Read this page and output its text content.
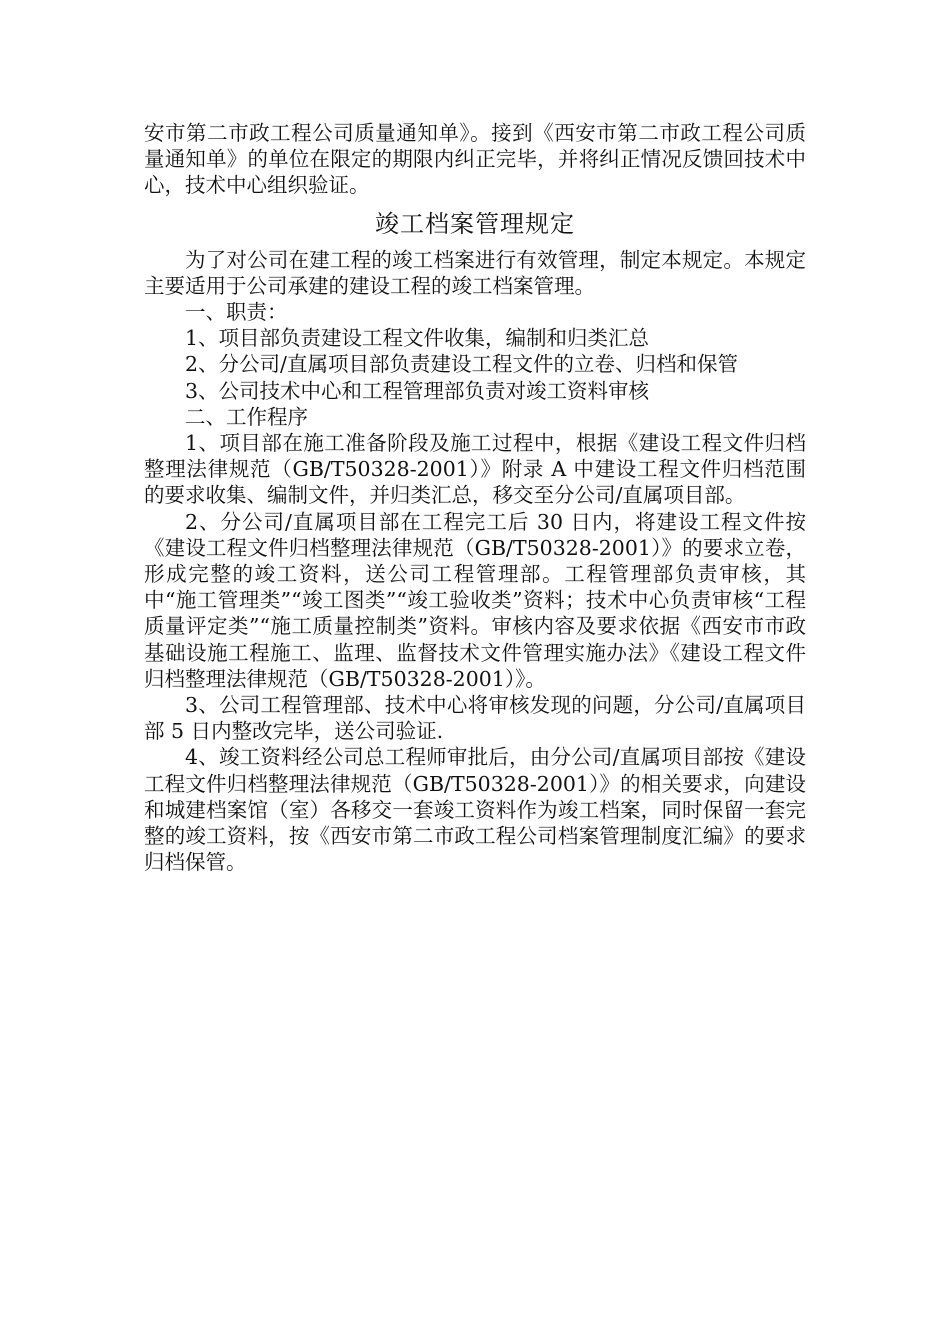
安市第二市政工程公司质量通知单》。接到《西安市第二市政工程公司质量通知单》的单位在限定的期限内纠正完毕，并将纠正情况反馈回技术中心，技术中心组织验证。

竣工档案管理规定

为了对公司在建工程的竣工档案进行有效管理，制定本规定。本规定主要适用于公司承建的建设工程的竣工档案管理。

一、职责：

1、项目部负责建设工程文件收集，编制和归类汇总

2、分公司/直属项目部负责建设工程文件的立卷、归档和保管

3、公司技术中心和工程管理部负责对竣工资料审核

二、工作程序

1、项目部在施工准备阶段及施工过程中，根据《建设工程文件归档整理法律规范（GB/T50328-2001）》附录 A 中建设工程文件归档范围的要求收集、编制文件，并归类汇总，移交至分公司/直属项目部。

2、分公司/直属项目部在工程完工后 30 日内，将建设工程文件按《建设工程文件归档整理法律规范（GB/T50328-2001）》的要求立卷，形成完整的竣工资料，送公司工程管理部。工程管理部负责审核，其中“施工管理类”“竣工图类”“竣工验收类”资料；技术中心负责审核“工程质量评定类”“施工质量控制类”资料。审核内容及要求依据《西安市市政基础设施工程施工、监理、监督技术文件管理实施办法》《建设工程文件归档整理法律规范（GB/T50328-2001）》。

3、公司工程管理部、技术中心将审核发现的问题，分公司/直属项目部 5 日内整改完毕，送公司验证.

4、竣工资料经公司总工程师审批后，由分公司/直属项目部按《建设工程文件归档整理法律规范（GB/T50328-2001）》的相关要求，向建设和城建档案馆（室）各移交一套竣工资料作为竣工档案，同时保留一套完整的竣工资料，按《西安市第二市政工程公司档案管理制度汇编》的要求归档保管。
